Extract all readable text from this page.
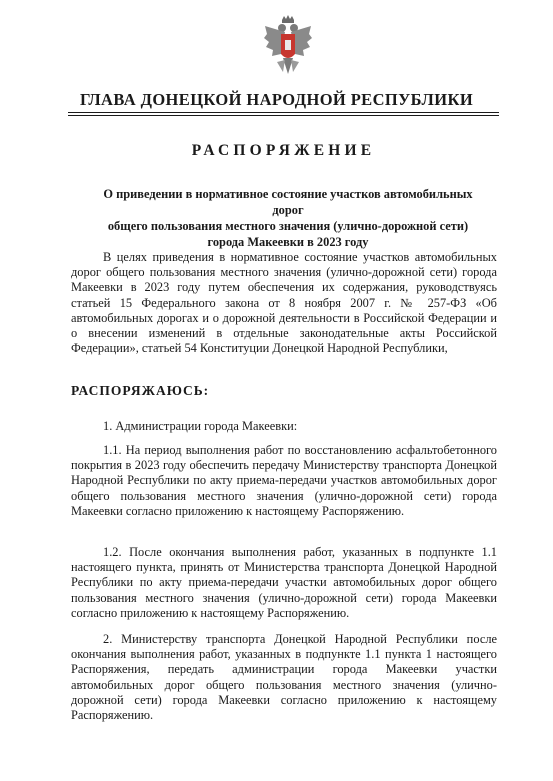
ГЛАВА ДОНЕЦКОЙ НАРОДНОЙ РЕСПУБЛИКИ
РАСПОРЯЖЕНИЕ
О приведении в нормативное состояние участков автомобильных дорог
общего пользования местного значения (улично-дорожной сети)
города Макеевки в 2023 году
В целях приведения в нормативное состояние участков автомобильных дорог общего пользования местного значения (улично-дорожной сети) города Макеевки в 2023 году путем обеспечения их содержания, руководствуясь статьей 15 Федерального закона от 8 ноября 2007 г. № 257-ФЗ «Об автомобильных дорогах и о дорожной деятельности в Российской Федерации и о внесении изменений в отдельные законодательные акты Российской Федерации», статьей 54 Конституции Донецкой Народной Республики,
РАСПОРЯЖАЮСЬ:
1. Администрации города Макеевки:
1.1. На период выполнения работ по восстановлению асфальтобетонного покрытия в 2023 году обеспечить передачу Министерству транспорта Донецкой Народной Республики по акту приема-передачи участков автомобильных дорог общего пользования местного значения (улично-дорожной сети) города Макеевки согласно приложению к настоящему Распоряжению.
1.2. После окончания выполнения работ, указанных в подпункте 1.1 настоящего пункта, принять от Министерства транспорта Донецкой Народной Республики по акту приема-передачи участки автомобильных дорог общего пользования местного значения (улично-дорожной сети) города Макеевки согласно приложению к настоящему Распоряжению.
2. Министерству транспорта Донецкой Народной Республики после окончания выполнения работ, указанных в подпункте 1.1 пункта 1 настоящего Распоряжения, передать администрации города Макеевки участки автомобильных дорог общего пользования местного значения (улично-дорожной сети) города Макеевки согласно приложению к настоящему Распоряжению.
